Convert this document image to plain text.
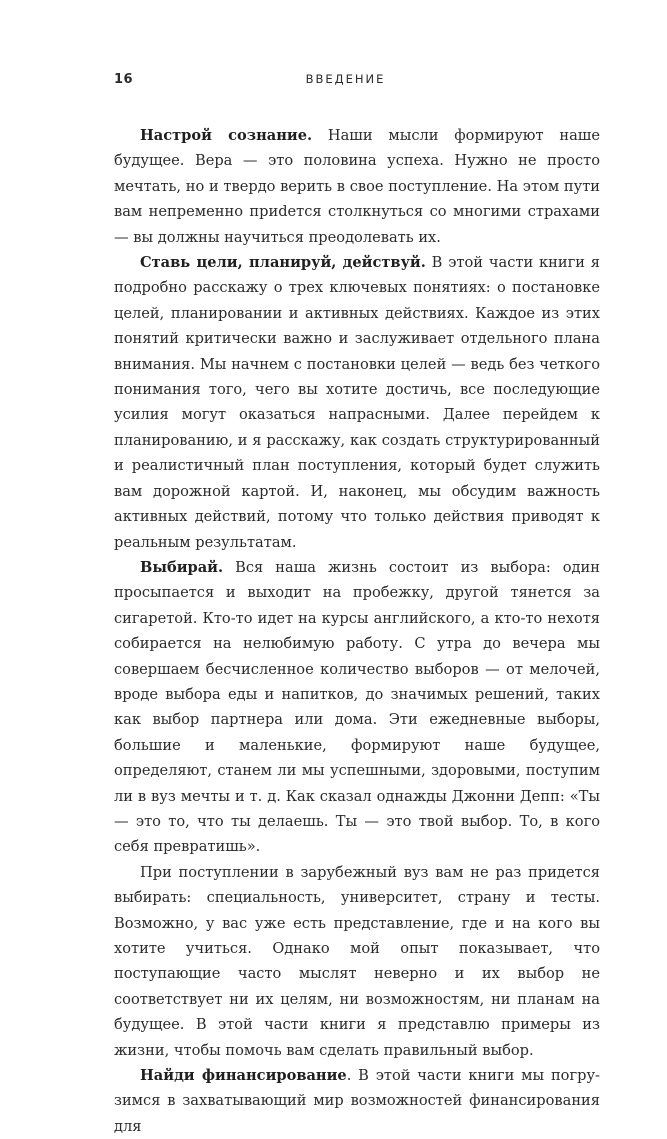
16	ВВЕДЕНИЕ

Настрой сознание. Наши мысли формируют наше будущее. Вера — это половина успеха. Нужно не просто мечтать, но и твердо верить в свое поступление. На этом пути вам непременно приdется столкнуться со многими страхами — вы должны научиться преодолевать их.

Ставь цели, планируй, действуй. В этой части книги я подробно расскажу о трех ключевых понятиях: о постановке целей, планировании и активных действиях. Каждое из этих понятий критически важно и заслуживает отдельного плана внимания. Мы начнем с постановки целей — ведь без четкого понимания того, чего вы хотите достичь, все последующие усилия могут оказаться напрасными. Далее перейдем к планированию, и я расскажу, как создать структурированный и реалистичный план поступления, который будет служить вам дорожной картой. И, наконец, мы обсудим важность активных действий, потому что только действия приводят к реальным результатам.

Выбирай. Вся наша жизнь состоит из выбора: один просыпается и выходит на пробежку, другой тянется за сигаретой. Кто-то идет на курсы английского, а кто-то нехотя собирается на нелюбимую работу. С утра до вечера мы совершаем бесчисленное количество выборов — от мелочей, вроде выбора еды и напитков, до значимых решений, таких как выбор партнера или дома. Эти ежедневные выборы, большие и маленькие, формируют наше будущее, определяют, станем ли мы успешными, здоровыми, поступим ли в вуз мечты и т. д. Как сказал однажды Джонни Депп: «Ты — это то, что ты делаешь. Ты — это твой выбор. То, в кого себя превратишь».

При поступлении в зарубежный вуз вам не раз придется выбирать: специальность, университет, страну и тесты. Возможно, у вас уже есть представление, где и на кого вы хотите учиться. Однако мой опыт показывает, что поступающие часто мыслят неверно и их выбор не соответствует ни их целям, ни возможностям, ни планам на будущее. В этой части книги я представлю примеры из жизни, чтобы помочь вам сделать правильный выбор.

Найди финансирование. В этой части книги мы погрузимся в захватывающий мир возможностей финансирования для
